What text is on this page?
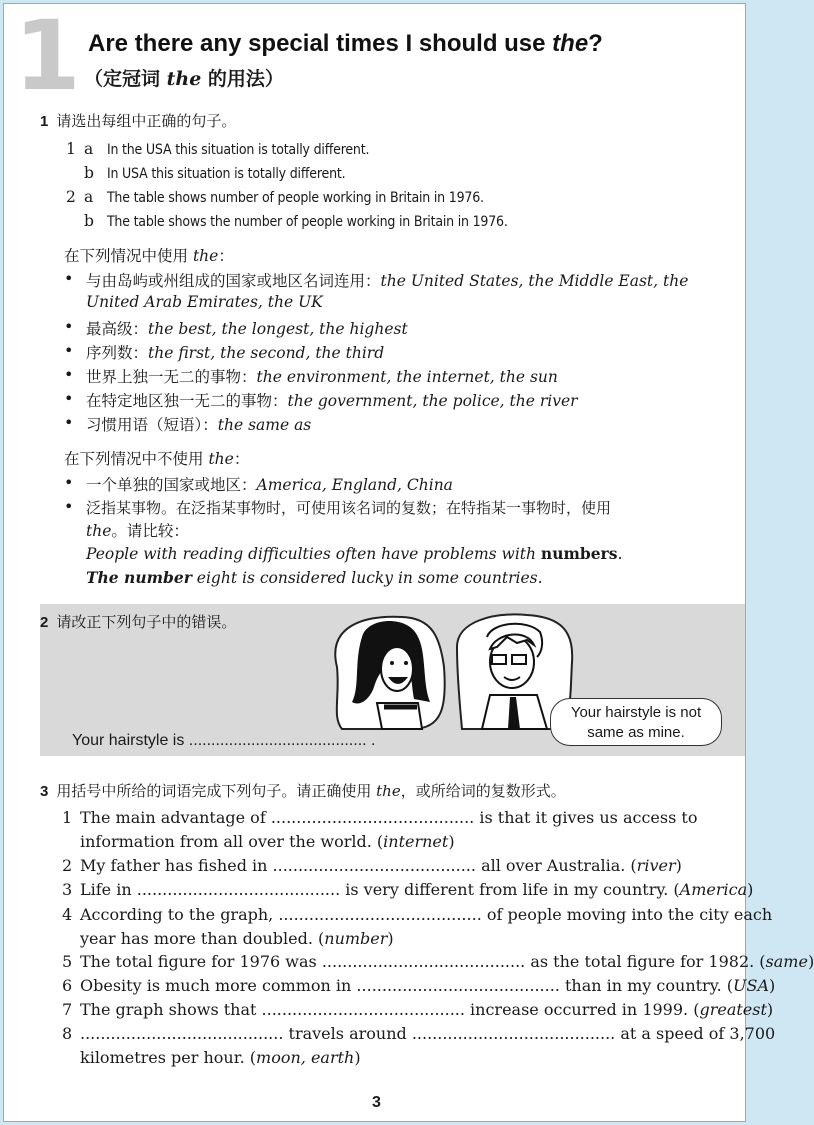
1 Are there any special times I should use the?
（定冠词 the 的用法）
1 请选出每组中正确的句子。
1 a In the USA this situation is totally different.
b In USA this situation is totally different.
2 a The table shows number of people working in Britain in 1976.
b The table shows the number of people working in Britain in 1976.
在下列情况中使用 the：
• 与由岛屿或州组成的国家或地区名词连用：the United States, the Middle East, the
United Arab Emirates, the UK
• 最高级：the best, the longest, the highest
• 序列数：the first, the second, the third
• 世界上独一无二的事物：the environment, the internet, the sun
• 在特定地区独一无二的事物：the government, the police, the river
• 习惯用语（短语）：the same as
在下列情况中不使用 the：
• 一个单独的国家或地区：America, England, China
• 泛指某事物。在泛指某事物时，可使用该名词的复数；在特指某一事物时，使用
the。请比较：
People with reading difficulties often have problems with numbers.
The number eight is considered lucky in some countries.
2 请改正下列句子中的错误。
Your hairstyle is not
same as mine.
Your hairstyle is ........................................ .
3 用括号中所给的词语完成下列句子。请正确使用 the，或所给词的复数形式。
1 The main advantage of ........................................ is that it gives us access to
information from all over the world. (internet)
2 My father has fished in ........................................ all over Australia. (river)
3 Life in ........................................ is very different from life in my country. (America)
4 According to the graph, ........................................ of people moving into the city each
year has more than doubled. (number)
5 The total figure for 1976 was ........................................ as the total figure for 1982. (same)
6 Obesity is much more common in ........................................ than in my country. (USA)
7 The graph shows that ........................................ increase occurred in 1999. (greatest)
8 ........................................ travels around ........................................ at a speed of 3,700
kilometres per hour. (moon, earth)
3
